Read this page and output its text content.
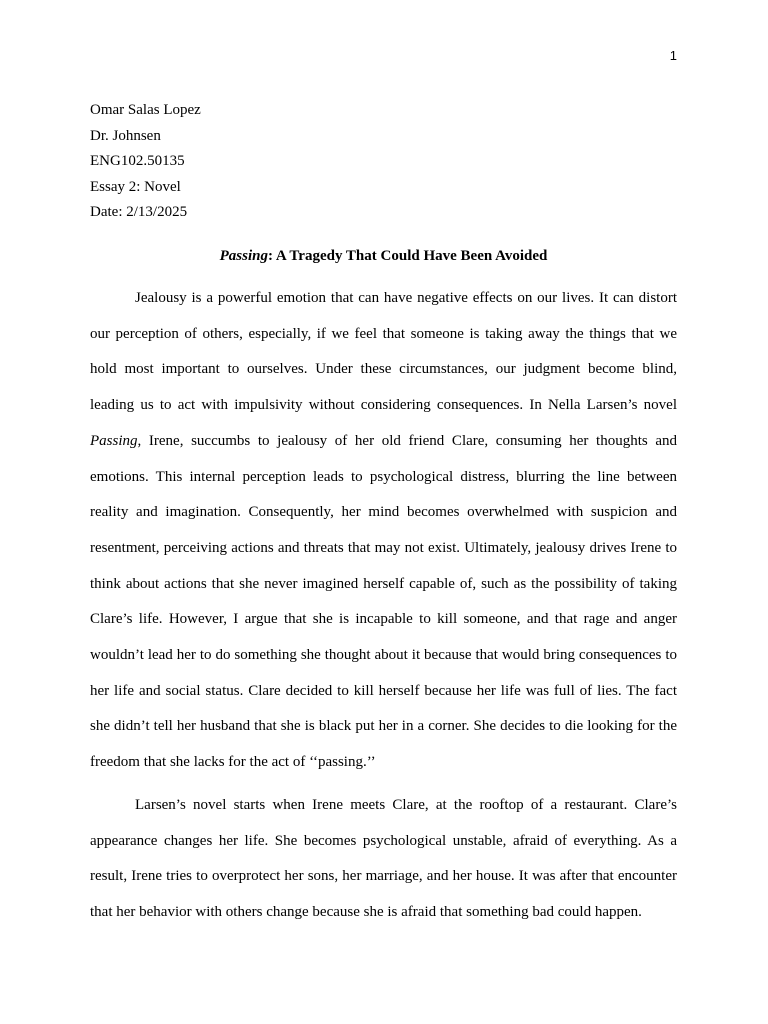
1
Omar Salas Lopez
Dr. Johnsen
ENG102.50135
Essay 2: Novel
Date: 2/13/2025
Passing: A Tragedy That Could Have Been Avoided

Jealousy is a powerful emotion that can have negative effects on our lives. It can distort our perception of others, especially, if we feel that someone is taking away the things that we hold most important to ourselves. Under these circumstances, our judgment become blind, leading us to act with impulsivity without considering consequences. In Nella Larsen’s novel Passing, Irene, succumbs to jealousy of her old friend Clare, consuming her thoughts and emotions. This internal perception leads to psychological distress, blurring the line between reality and imagination. Consequently, her mind becomes overwhelmed with suspicion and resentment, perceiving actions and threats that may not exist. Ultimately, jealousy drives Irene to think about actions that she never imagined herself capable of, such as the possibility of taking Clare’s life. However, I argue that she is incapable to kill someone, and that rage and anger wouldn’t lead her to do something she thought about it because that would bring consequences to her life and social status. Clare decided to kill herself because her life was full of lies. The fact she didn’t tell her husband that she is black put her in a corner. She decides to die looking for the freedom that she lacks for the act of ‘‘passing.’’

Larsen’s novel starts when Irene meets Clare, at the rooftop of a restaurant. Clare’s appearance changes her life. She becomes psychological unstable, afraid of everything. As a result, Irene tries to overprotect her sons, her marriage, and her house. It was after that encounter that her behavior with others change because she is afraid that something bad could happen.
